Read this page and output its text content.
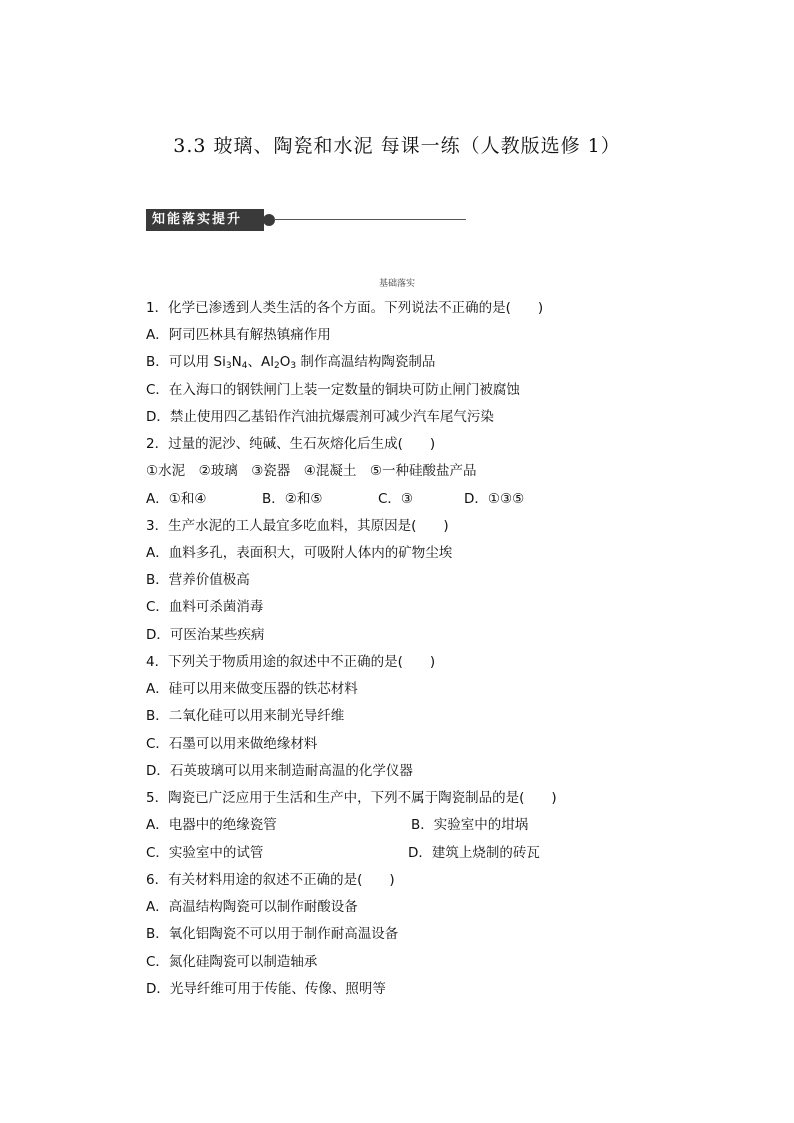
3.3 玻璃、陶瓷和水泥 每课一练（人教版选修 1）
知能落实提升
基础落实
1．化学已渗透到人类生活的各个方面。下列说法不正确的是(　　)
A．阿司匹林具有解热镇痛作用
B．可以用 $Si_3N_4$、$Al_2O_3$ 制作高温结构陶瓷制品
C．在入海口的钢铁闸门上装一定数量的铜块可防止闸门被腐蚀
D．禁止使用四乙基铅作汽油抗爆震剂可减少汽车尾气污染
2．过量的泥沙、纯碱、生石灰熔化后生成(　　)
①水泥　②玻璃　③瓷器　④混凝土　⑤一种硅酸盐产品
A．①和④	B．②和⑤	C．③	D．①③⑤
3．生产水泥的工人最宜多吃血料，其原因是(　　)
A．血料多孔，表面积大，可吸附人体内的矿物尘埃
B．营养价值极高
C．血料可杀菌消毒
D．可医治某些疾病
4．下列关于物质用途的叙述中不正确的是(　　)
A．硅可以用来做变压器的铁芯材料
B．二氧化硅可以用来制光导纤维
C．石墨可以用来做绝缘材料
D．石英玻璃可以用来制造耐高温的化学仪器
5．陶瓷已广泛应用于生活和生产中，下列不属于陶瓷制品的是(　　)
A．电器中的绝缘瓷管	B．实验室中的坩埚
C．实验室中的试管	D．建筑上烧制的砖瓦
6．有关材料用途的叙述不正确的是(　　)
A．高温结构陶瓷可以制作耐酸设备
B．氧化铝陶瓷不可以用于制作耐高温设备
C．氮化硅陶瓷可以制造轴承
D．光导纤维可用于传能、传像、照明等
